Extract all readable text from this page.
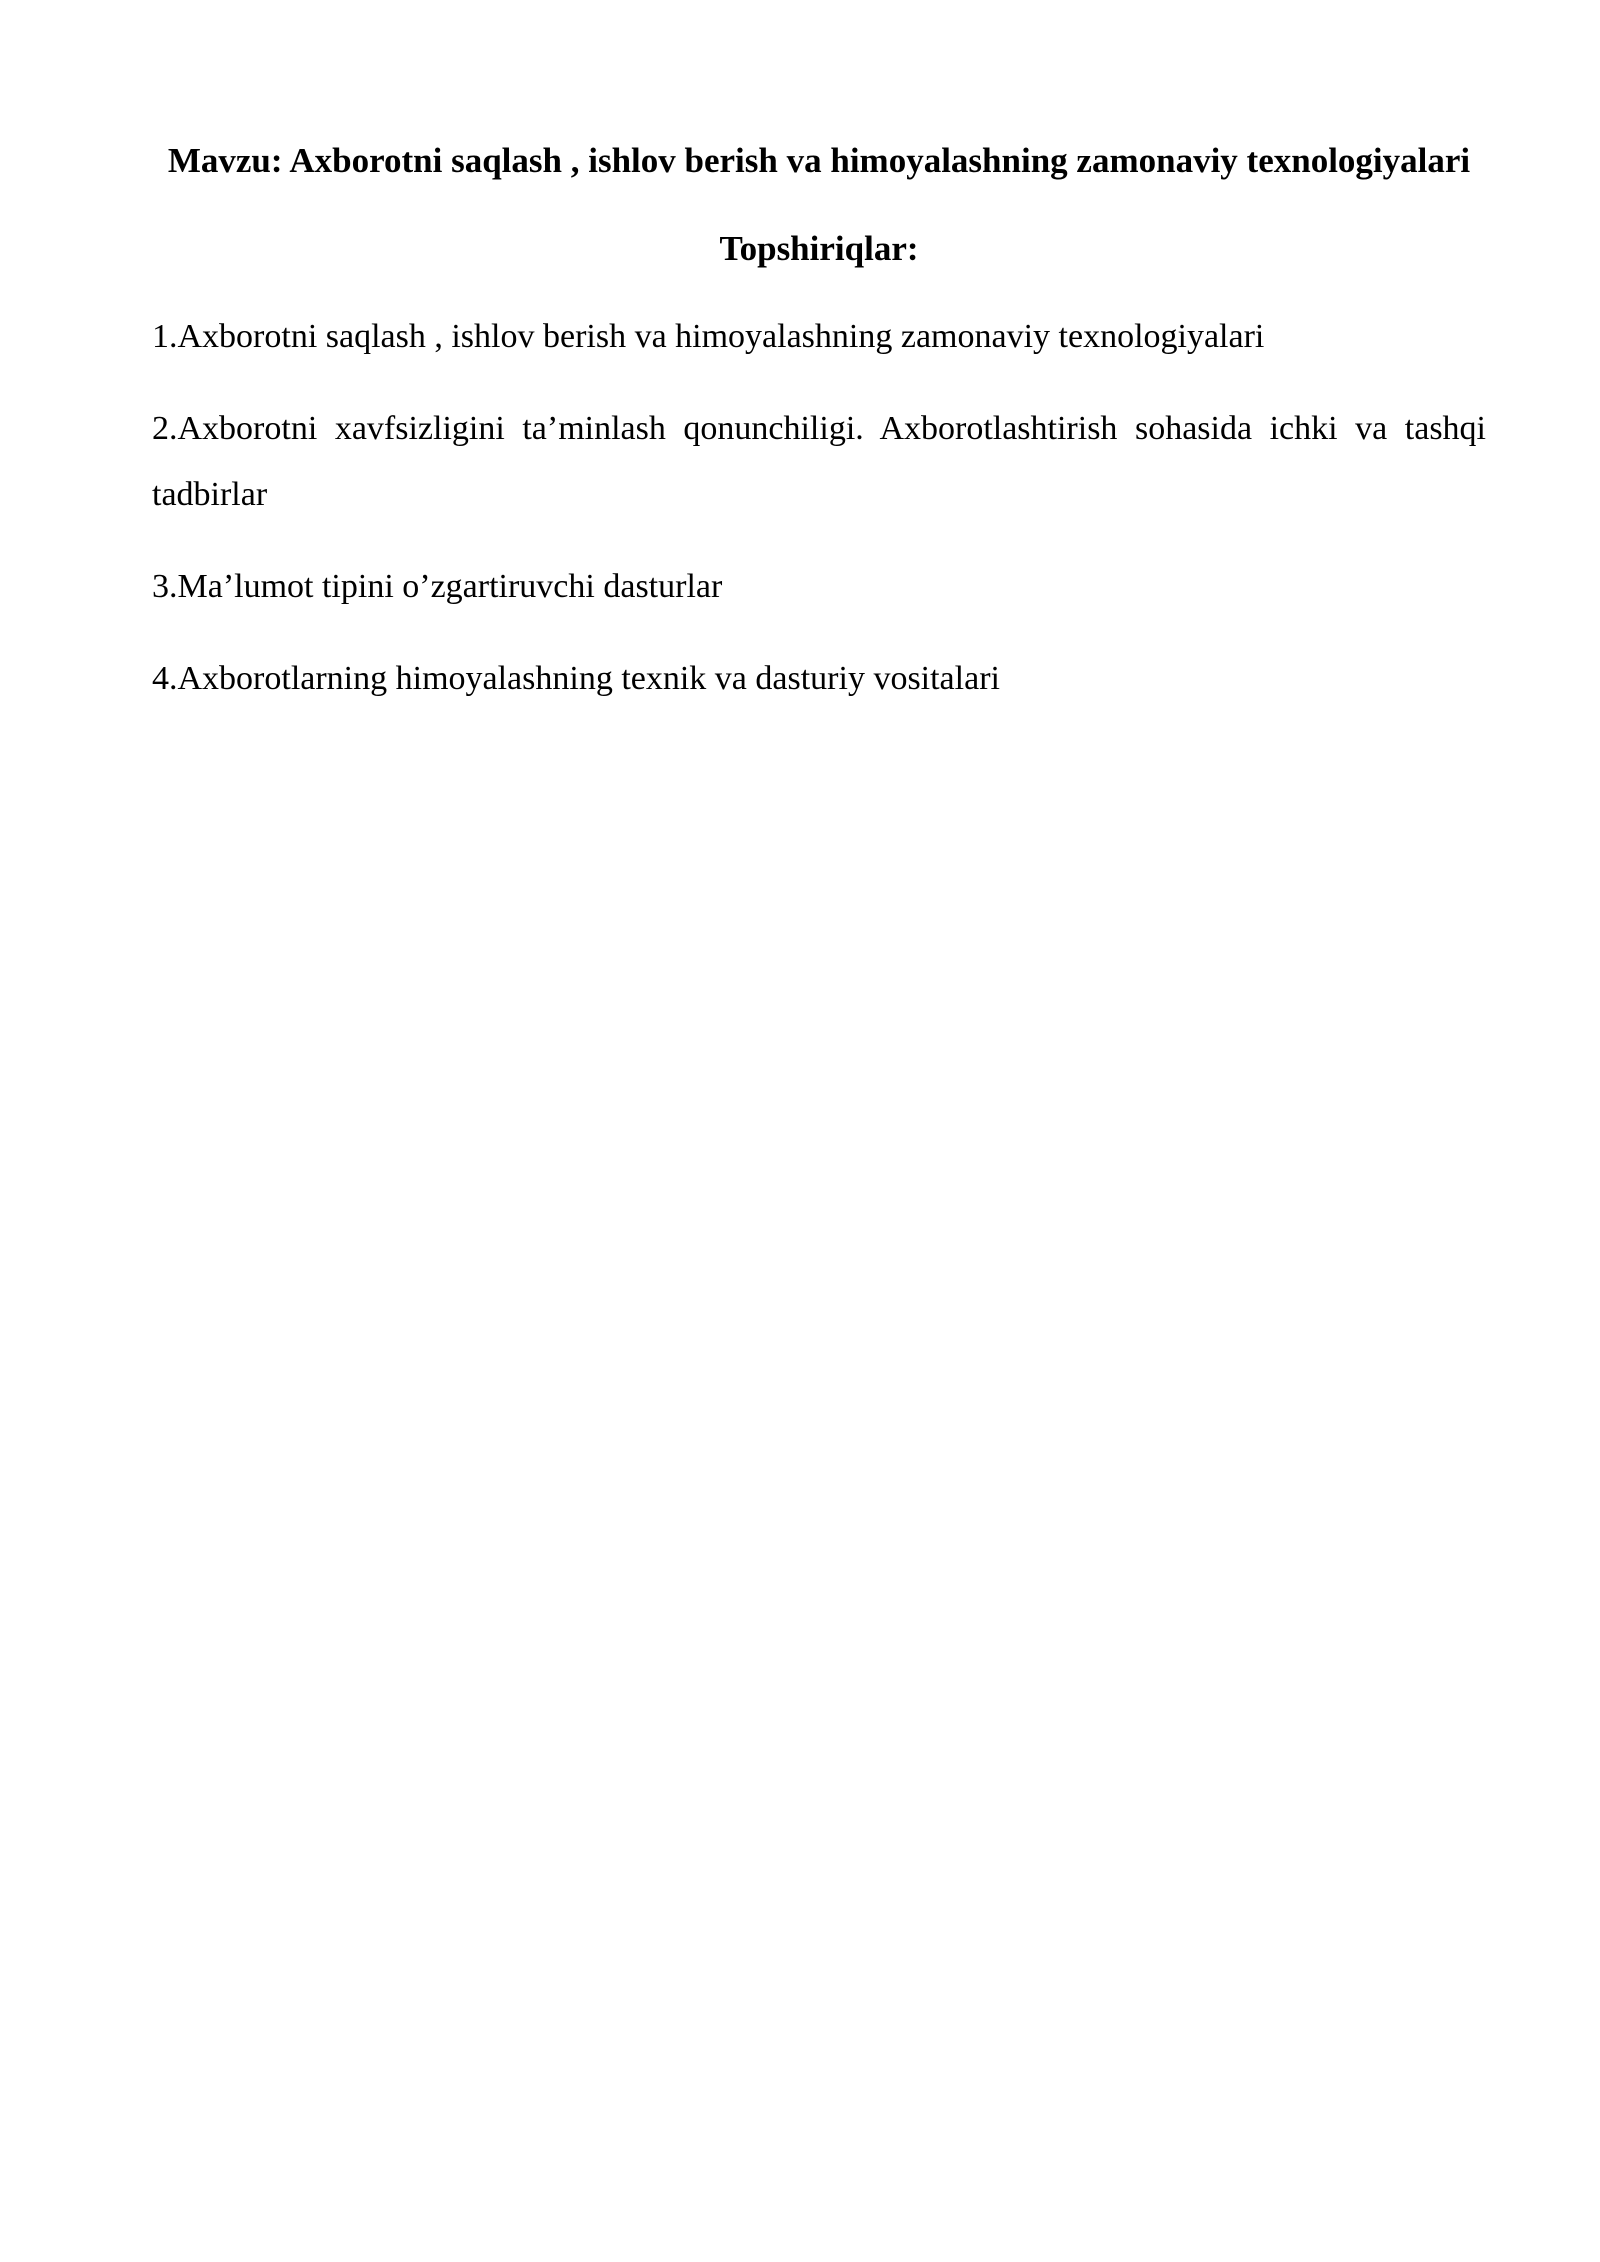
Mavzu: Axborotni saqlash , ishlov berish va himoyalashning zamonaviy texnologiyalari
Topshiriqlar:

1.Axborotni saqlash , ishlov berish va himoyalashning zamonaviy texnologiyalari

2.Axborotni xavfsizligini ta’minlash qonunchiligi. Axborotlashtirish sohasida ichki va tashqi tadbirlar

3.Ma’lumot tipini o’zgartiruvchi dasturlar

4.Axborotlarning himoyalashning texnik va dasturiy vositalari
